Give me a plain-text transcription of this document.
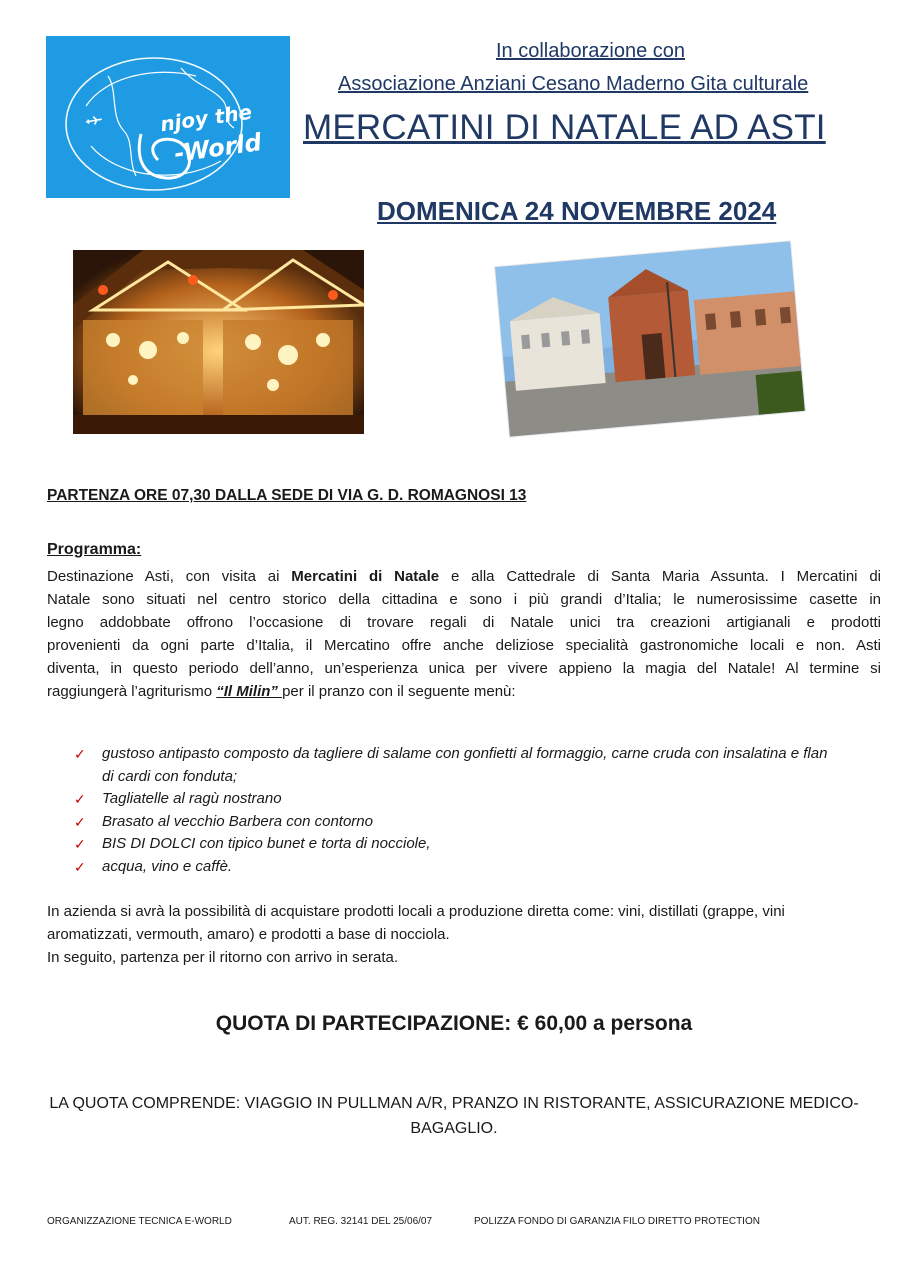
njoy the
-World
In collaborazione con
Associazione Anziani Cesano Maderno Gita culturale
MERCATINI DI NATALE AD ASTI
DOMENICA 24 NOVEMBRE 2024
PARTENZA ORE 07,30 DALLA SEDE DI VIA G. D. ROMAGNOSI 13
Programma:
Destinazione Asti, con visita ai Mercatini di Natale e alla Cattedrale di Santa Maria Assunta. I Mercatini di
Natale sono situati nel centro storico della cittadina e sono i più grandi d’Italia; le numerosissime casette in
legno addobbate offrono l’occasione di trovare regali di Natale unici tra creazioni artigianali e prodotti
provenienti da ogni parte d’Italia, il Mercatino offre anche deliziose specialità gastronomiche locali e non. Asti
diventa, in questo periodo dell’anno, un’esperienza unica per vivere appieno la magia del Natale! Al termine si
raggiungerà l’agriturismo “Il Milin” per il pranzo con il seguente menù:
✓ gustoso antipasto composto da tagliere di salame con gonfietti al formaggio, carne cruda con insalatina e flan di cardi con fonduta;
✓ Tagliatelle al ragù nostrano
✓ Brasato al vecchio Barbera con contorno
✓ BIS DI DOLCI con tipico bunet e torta di nocciole,
✓ acqua, vino e caffè.
In azienda si avrà la possibilità di acquistare prodotti locali a produzione diretta come: vini, distillati (grappe, vini
aromatizzati, vermouth, amaro) e prodotti a base di nocciola.
In seguito, partenza per il ritorno con arrivo in serata.
QUOTA DI PARTECIPAZIONE: € 60,00 a persona
LA QUOTA COMPRENDE: VIAGGIO IN PULLMAN A/R, PRANZO IN RISTORANTE, ASSICURAZIONE MEDICO-BAGAGLIO.
ORGANIZZAZIONE TECNICA E-WORLD	AUT. REG. 32141 DEL 25/06/07	POLIZZA FONDO DI GARANZIA FILO DIRETTO PROTECTION
